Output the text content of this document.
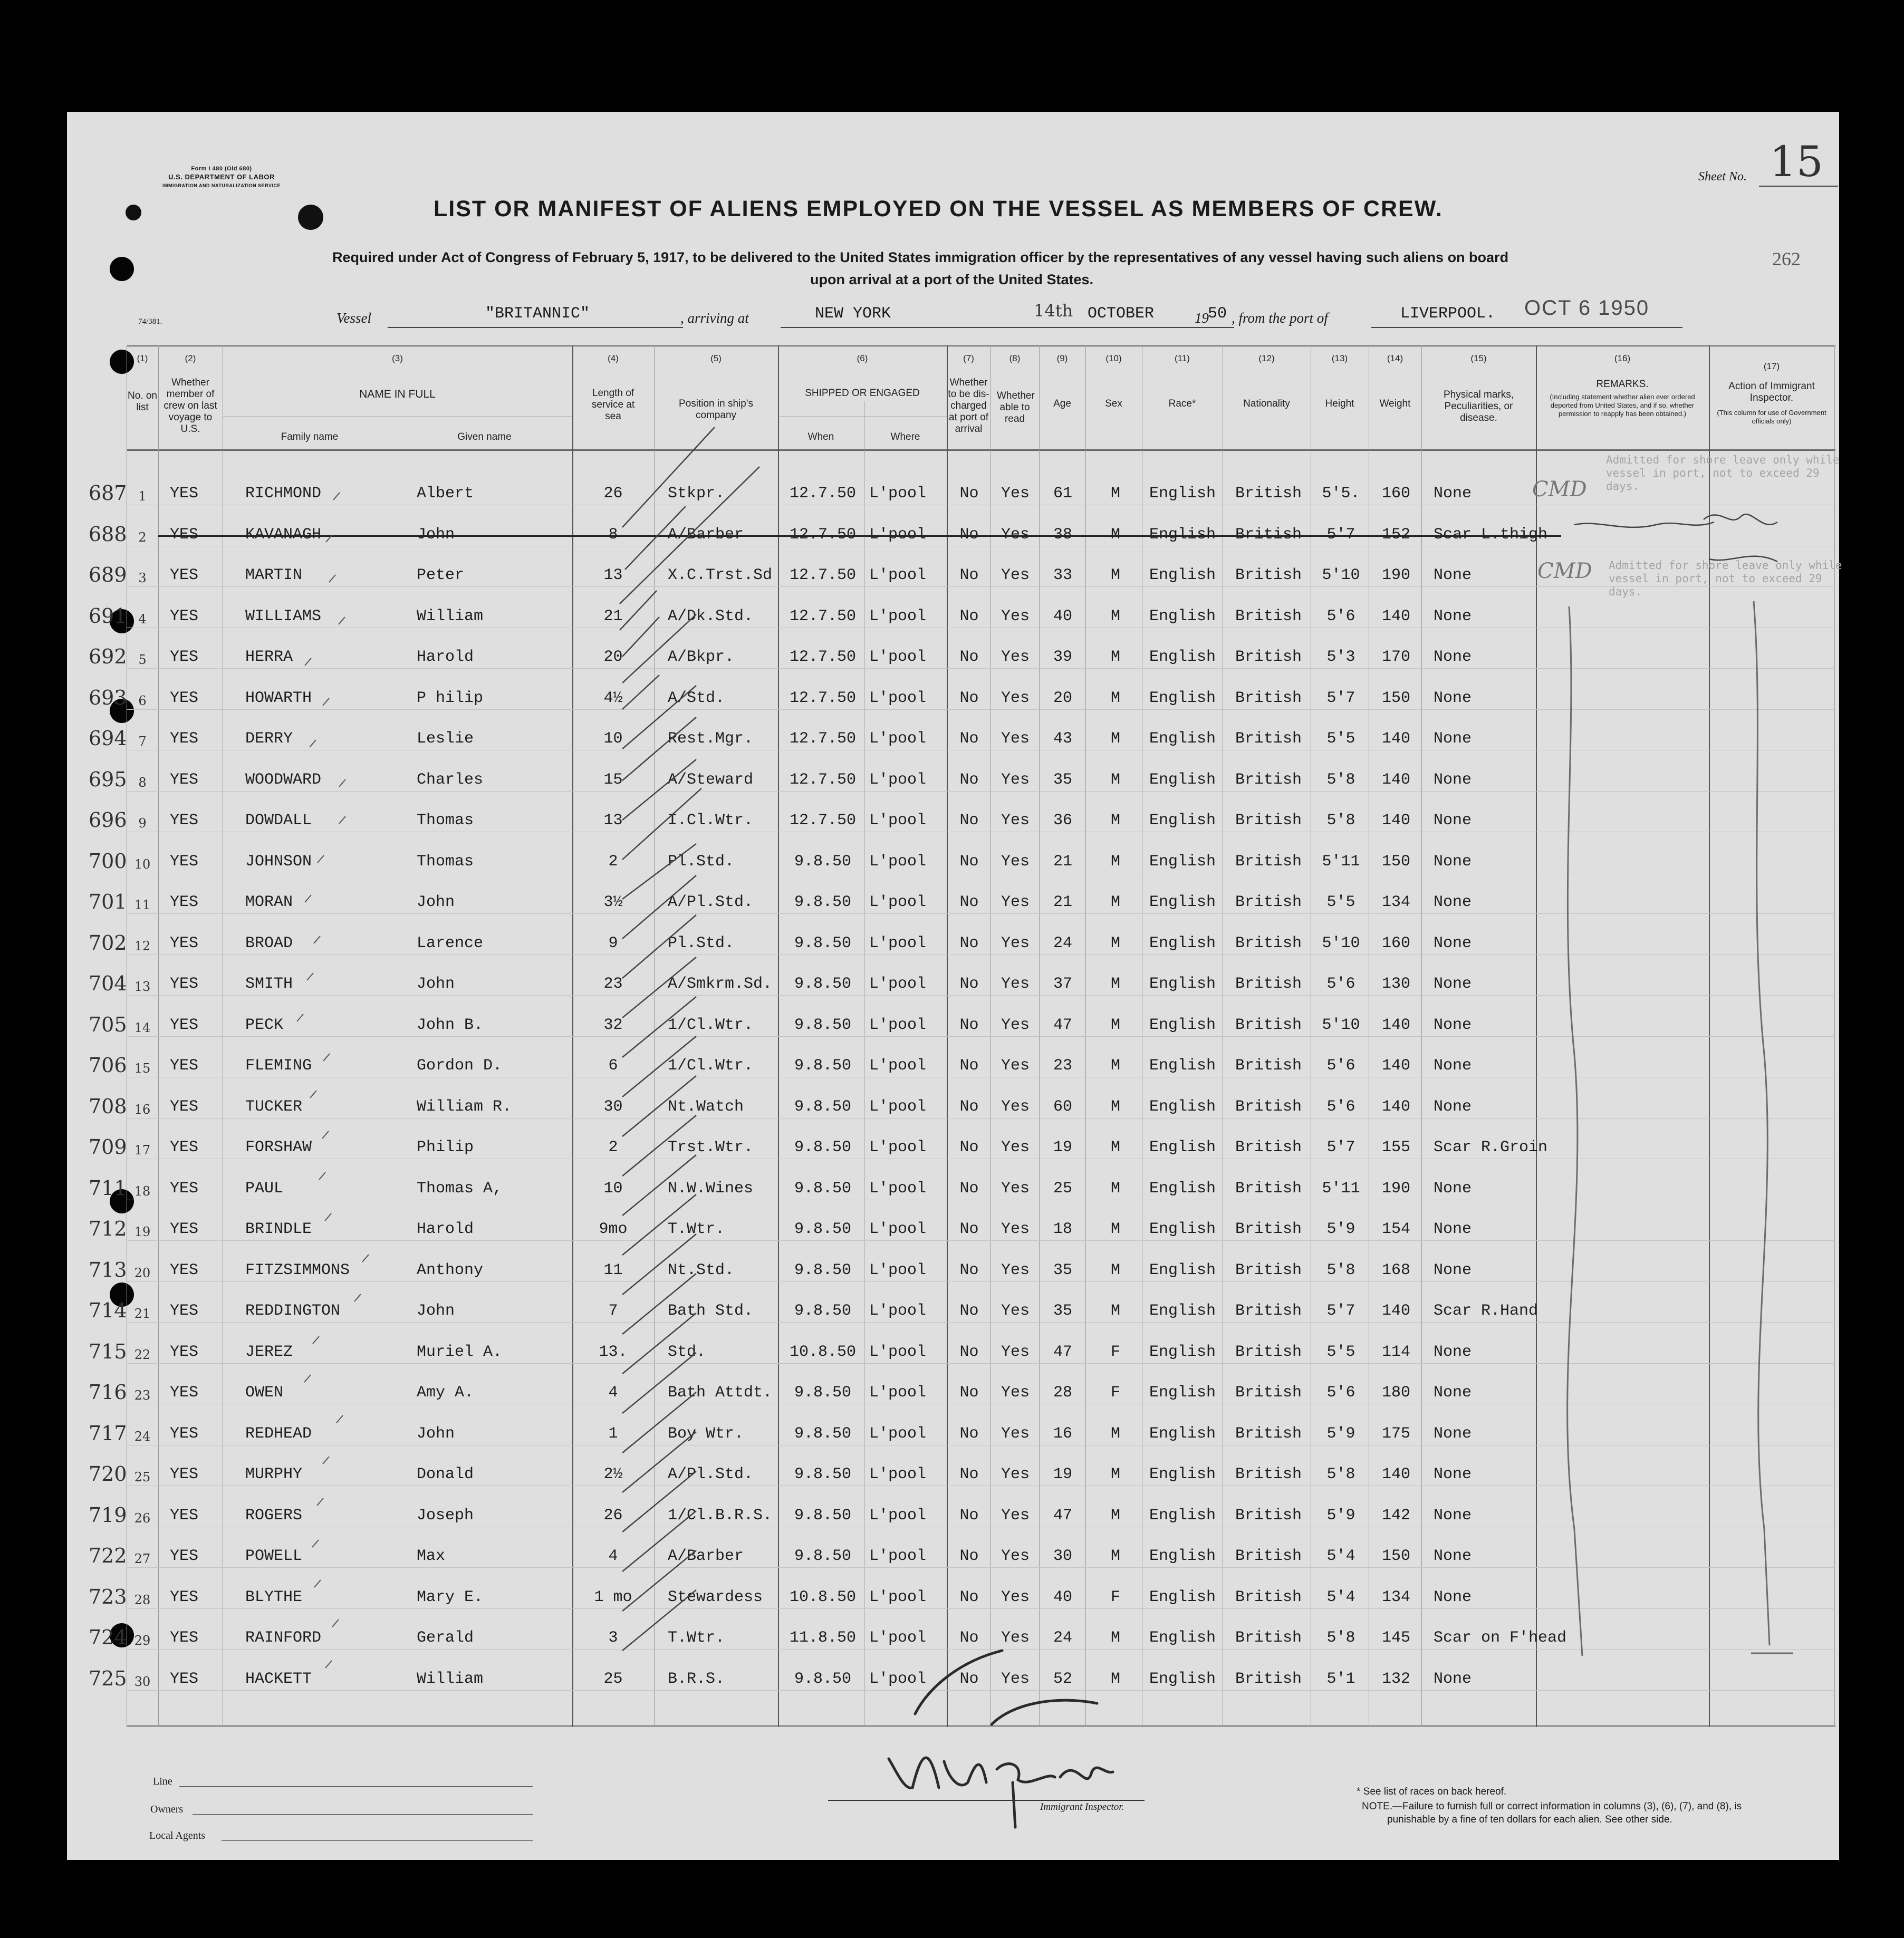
Form I 480 (Old 680)
U.S. DEPARTMENT OF LABOR
IMMIGRATION AND NATURALIZATION SERVICE
LIST OR MANIFEST OF ALIENS EMPLOYED ON THE VESSEL AS MEMBERS OF CREW.
Required under Act of Congress of February 5, 1917, to be delivered to the United States immigration officer by the representatives of any vessel having such aliens on board
upon arrival at a port of the United States.
Sheet No. 15
262
74/381.	Vessel	"BRITANNIC"	, arriving at	NEW YORK	14th OCTOBER	19
50 , from the port of	LIVERPOOL. OCT 6 1950
(1)	(2)	(3)	(4)	(5)	(6)	(7)	(8)	(9)	(10)	(11)	(12)	(13)	(14)	(15)	(16)
(17)
No. on list
Whether member of crew on last voyage to U.S.
NAME IN FULL
Family name	Given name
Length of service at sea
Position in ship's company
SHIPPED OR ENGAGED
When	Where
Whether to be dis-charged at port of arrival
Whether able to read
Age	Sex	Race*	Nationality	Height	Weight
Physical marks, Peculiarities, or disease.
REMARKS.
(Including statement whether alien ever ordered deported from United States, and if so, whether permission to reapply has been obtained.)
Action of Immigrant Inspector.
(This column for use of Government officials only)
687 1	YES	RICHMOND	Albert	26	Stkpr.	12.7.50 L'pool	No	Yes	61	M	English	British	5'5.	160	None
688 2	YES	KAVANAGH	John	8	A/Barber	12.7.50 L'pool	No	Yes	38	M	English	British	5'7	152	Scar L.thigh
689 3	YES	MARTIN	Peter	13	X.C.Trst.Sd	12.7.50 L'pool	No	Yes	33	M	English	British	5'10	190	None
691 4	YES	WILLIAMS	William	21	A/Dk.Std.	12.7.50 L'pool	No	Yes	40	M	English	British	5'6	140	None
692 5	YES	HERRA	Harold	20	A/Bkpr.	12.7.50 L'pool	No	Yes	39	M	English	British	5'3	170	None
693 6	YES	HOWARTH	P hilip	4½	A/Std.	12.7.50 L'pool	No	Yes	20	M	English	British	5'7	150	None
694 7	YES	DERRY	Leslie	10	Rest.Mgr.	12.7.50 L'pool	No	Yes	43	M	English	British	5'5	140	None
695 8	YES	WOODWARD	Charles	15	A/Steward	12.7.50 L'pool	No	Yes	35	M	English	British	5'8	140	None
696 9	YES	DOWDALL	Thomas	13	I.Cl.Wtr.	12.7.50 L'pool	No	Yes	36	M	English	British	5'8	140	None
700 10	YES	JOHNSON	Thomas	2	Pl.Std.	9.8.50	L'pool	No	Yes	21	M	English	British	5'11	150	None
701 11	YES	MORAN	John	3½	A/Pl.Std.	9.8.50	L'pool	No	Yes	21	M	English	British	5'5	134	None
702 12	YES	BROAD	Larence	9	Pl.Std.	9.8.50	L'pool	No	Yes	24	M	English	British	5'10	160	None
704 13	YES	SMITH	John	23	A/Smkrm.Sd.	9.8.50	L'pool	No	Yes	37	M	English	British	5'6	130	None
705 14	YES	PECK	John B.	32	1/Cl.Wtr.	9.8.50	L'pool	No	Yes	47	M	English	British	5'10	140	None
706 15	YES	FLEMING	Gordon D.	6	1/Cl.Wtr.	9.8.50	L'pool	No	Yes	23	M	English	British	5'6	140	None
708 16	YES	TUCKER	William R.	30	Nt.Watch	9.8.50	L'pool	No	Yes	60	M	English	British	5'6	140	None
709 17	YES	FORSHAW	Philip	2	Trst.Wtr.	9.8.50	L'pool	No	Yes	19	M	English	British	5'7	155	Scar R.Groin
711 18	YES	PAUL	Thomas A,	10	N.W.Wines	9.8.50	L'pool	No	Yes	25	M	English	British	5'11	190	None
712 19	YES	BRINDLE	Harold	9mo	T.Wtr.	9.8.50	L'pool	No	Yes	18	M	English	British	5'9	154	None
713 20	YES	FITZSIMMONS	Anthony	11	Nt.Std.	9.8.50	L'pool	No	Yes	35	M	English	British	5'8	168	None
714 21	YES	REDDINGTON	John	7	Bath Std.	9.8.50	L'pool	No	Yes	35	M	English	British	5'7	140	Scar R.Hand
715 22	YES	JEREZ	Muriel A.	13.	Std.	10.8.50 L'pool	No	Yes	47	F	English	British	5'5	114	None
716 23	YES	OWEN	Amy A.	4	Bath Attdt.	9.8.50	L'pool	No	Yes	28	F	English	British	5'6	180	None
717 24	YES	REDHEAD	John	1	Boy Wtr.	9.8.50	L'pool	No	Yes	16	M	English	British	5'9	175	None
720 25	YES	MURPHY	Donald	2½	A/Pl.Std.	9.8.50	L'pool	No	Yes	19	M	English	British	5'8	140	None
719 26	YES	ROGERS	Joseph	26	1/Cl.B.R.S.	9.8.50	L'pool	No	Yes	47	M	English	British	5'9	142	None
722 27	YES	POWELL	Max	4	A/Barber	9.8.50	L'pool	No	Yes	30	M	English	British	5'4	150	None
723 28	YES	BLYTHE	Mary E.	1 mo	Stewardess	10.8.50 L'pool	No	Yes	40	F	English	British	5'4	134	None
724 29	YES	RAINFORD	Gerald	3	T.Wtr.	11.8.50 L'pool	No	Yes	24	M	English	British	5'8	145	Scar on F'head
725 30	YES	HACKETT	William	25	B.R.S.	9.8.50	L'pool	No	Yes	52	M	English	British	5'1	132	None
CMD
CMD
Admitted for shore leave only while vessel in port, not to exceed 29 days.
Admitted for shore leave only while vessel in port, not to exceed 29 days.
Line
Owners
Local Agents
Immigrant Inspector.
* See list of races on back hereof.
NOTE.—Failure to furnish full or correct information in columns (3), (6), (7), and (8), is
punishable by a fine of ten dollars for each alien. See other side.
